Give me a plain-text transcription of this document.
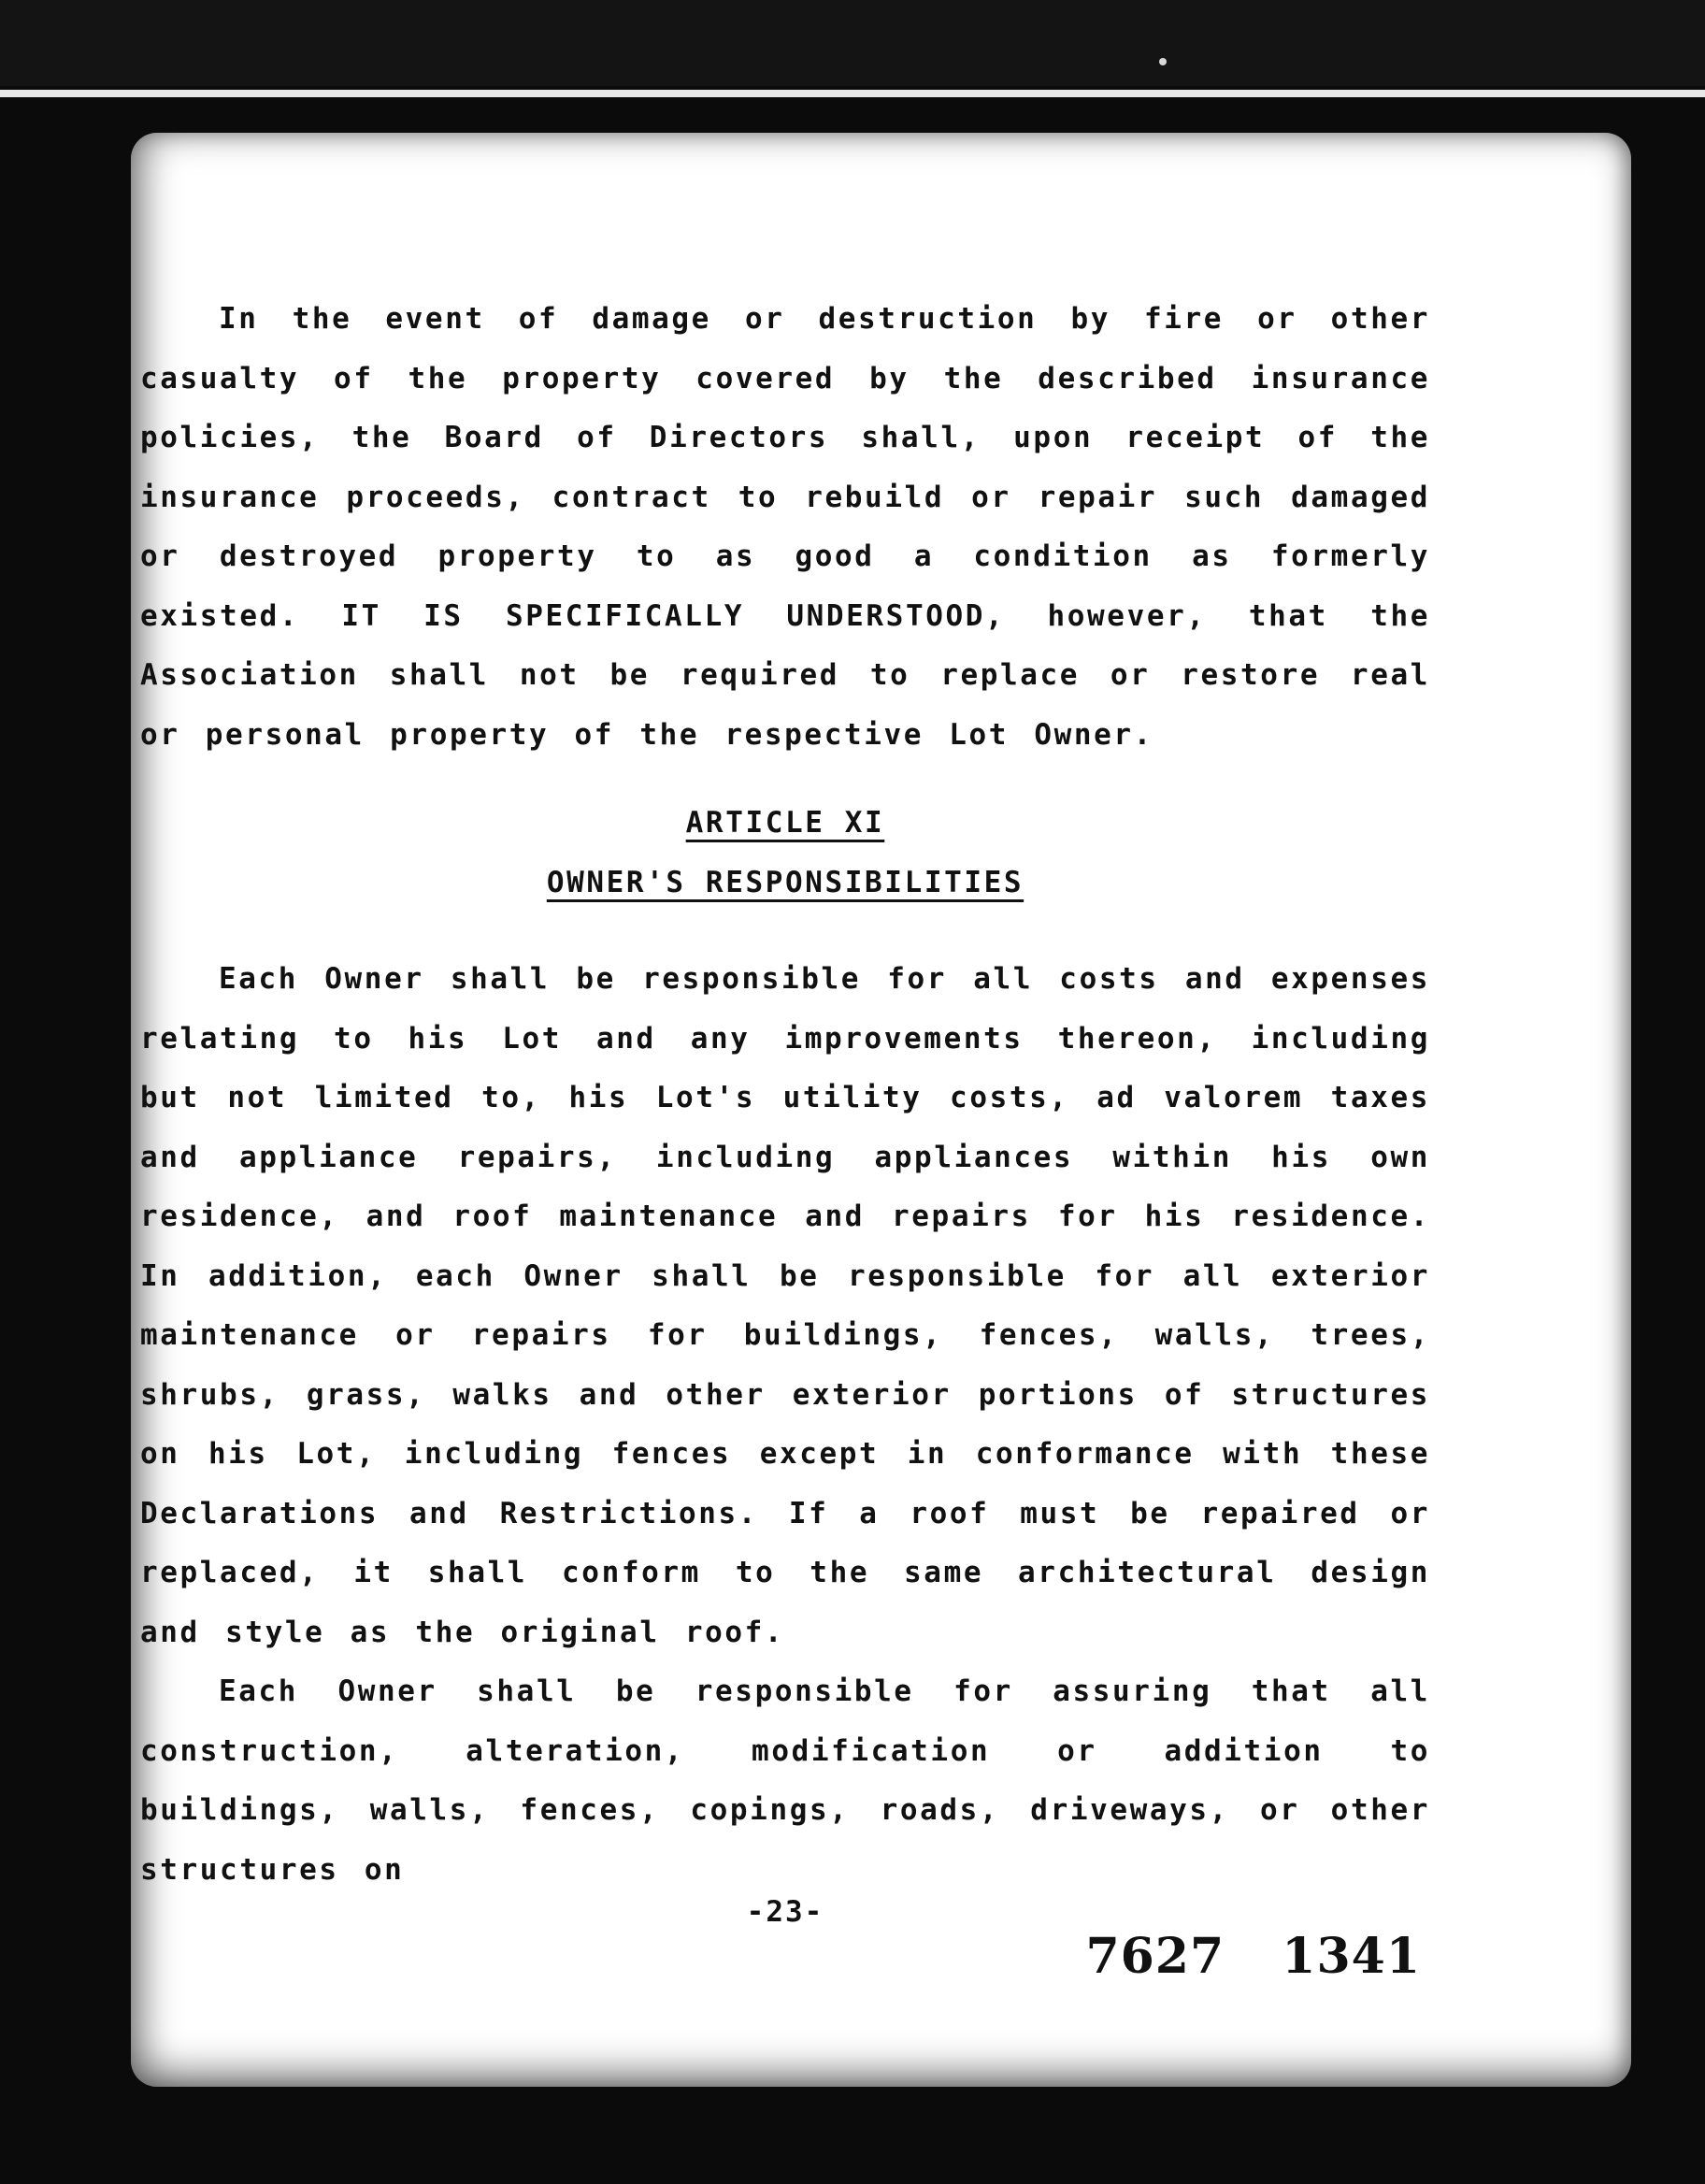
In the event of damage or destruction by fire or other casualty of the property covered by the described insurance policies, the Board of Directors shall, upon receipt of the insurance proceeds, contract to rebuild or repair such damaged or destroyed property to as good a condition as formerly existed. IT IS SPECIFICALLY UNDERSTOOD, however, that the Association shall not be required to replace or restore real or personal property of the respective Lot Owner.

ARTICLE XI

OWNER'S RESPONSIBILITIES

Each Owner shall be responsible for all costs and expenses relating to his Lot and any improvements thereon, including but not limited to, his Lot's utility costs, ad valorem taxes and appliance repairs, including appliances within his own residence, and roof maintenance and repairs for his residence. In addition, each Owner shall be responsible for all exterior maintenance or repairs for buildings, fences, walls, trees, shrubs, grass, walks and other exterior portions of structures on his Lot, including fences except in conformance with these Declarations and Restrictions. If a roof must be repaired or replaced, it shall conform to the same architectural design and style as the original roof.

Each Owner shall be responsible for assuring that all construction, alteration, modification or addition to buildings, walls, fences, copings, roads, driveways, or other structures on

-23-
7627 1341
